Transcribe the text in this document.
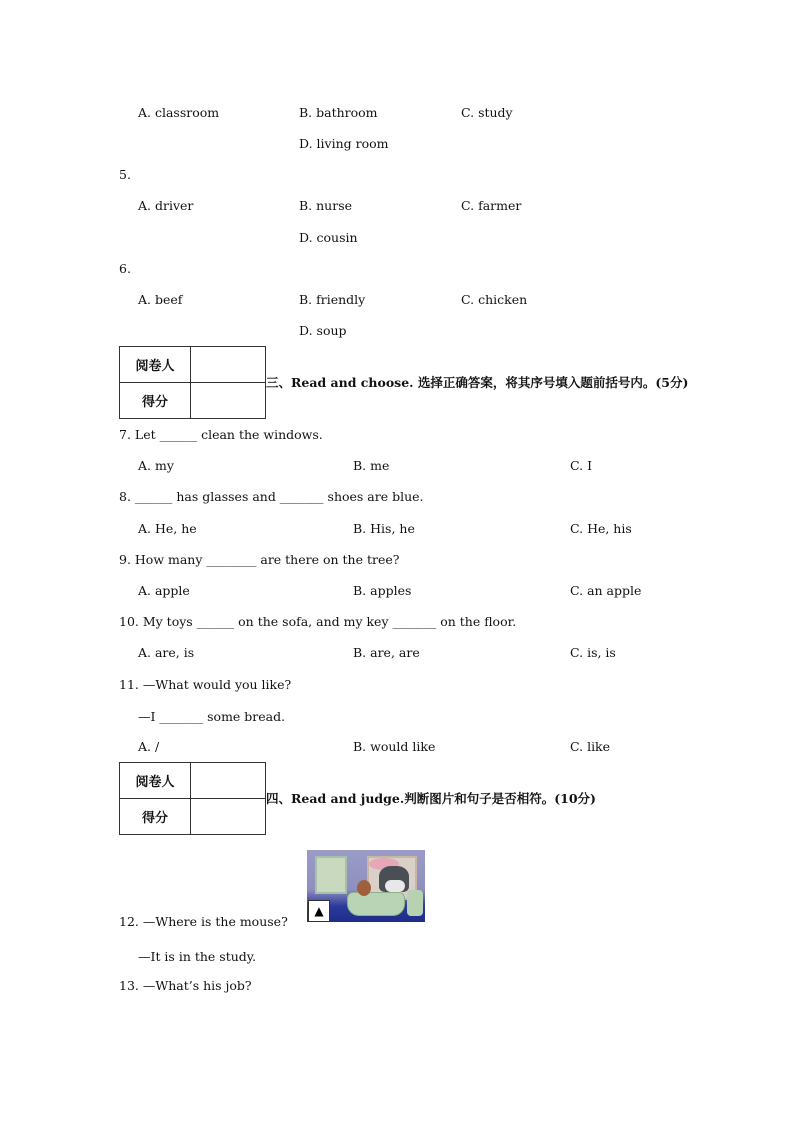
A. classroom	B. bathroom	C. study
D. living room
5.
A. driver	B. nurse	C. farmer
D. cousin
6.
A. beef	B. friendly	C. chicken
D. soup
阅卷人	
得分	
三、Read and choose. 选择正确答案，将其序号填入题前括号内。(5分)
7. Let ______ clean the windows.
A. my	B. me	C. I
8. ______ has glasses and _______ shoes are blue.
A. He, he	B. His, he	C. He, his
9. How many ________ are there on the tree?
A. apple	B. apples	C. an apple
10. My toys ______ on the sofa, and my key _______ on the floor.
A. are, is	B. are, are	C. is, is
11. —What would you like?
—I _______ some bread.
A. /	B. would like	C. like
阅卷人	
得分	
四、Read and judge.判断图片和句子是否相符。(10分)
▲
12. —Where is the mouse?
—It is in the study.
13. —What’s his job?
